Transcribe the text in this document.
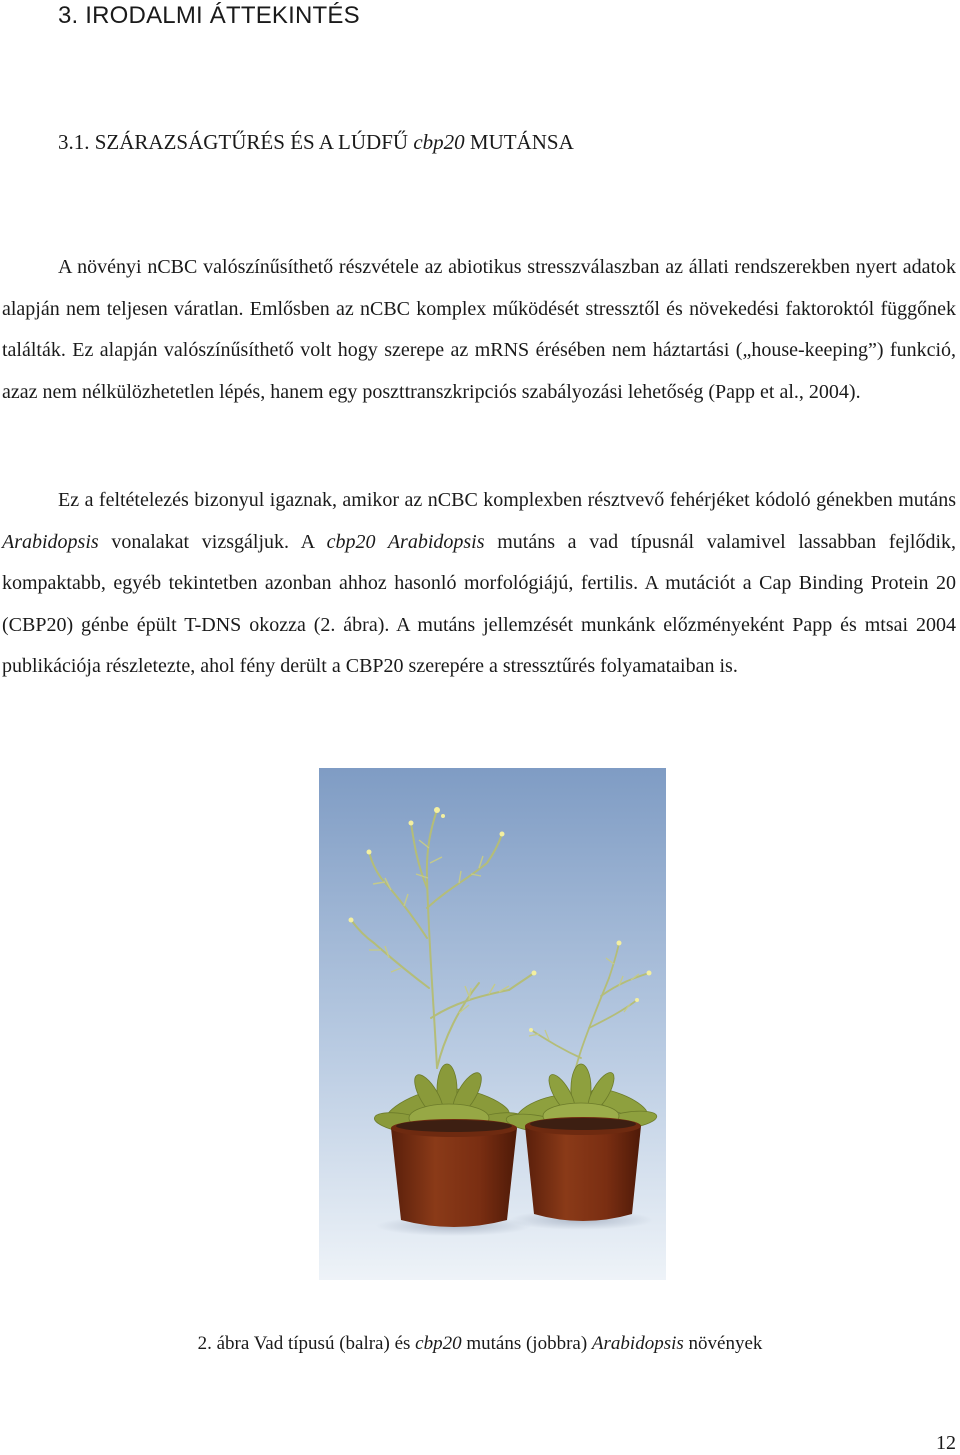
3. IRODALMI ÁTTEKINTÉS
3.1. SZÁRAZSÁGTŰRÉS ÉS A LÚDFŰ cbp20 MUTÁNSA

A növényi nCBC valószínűsíthető részvétele az abiotikus stresszválaszban az állati rendszerekben nyert adatok alapján nem teljesen váratlan. Emlősben az nCBC komplex működését stressztől és növekedési faktoroktól függőnek találták. Ez alapján valószínűsíthető volt hogy szerepe az mRNS érésében nem háztartási („house-keeping”) funkció, azaz nem nélkülözhetetlen lépés, hanem egy poszttranszkripciós szabályozási lehetőség (Papp et al., 2004).

Ez a feltételezés bizonyul igaznak, amikor az nCBC komplexben résztvevő fehérjéket kódoló génekben mutáns Arabidopsis vonalakat vizsgáljuk. A cbp20 Arabidopsis mutáns a vad típusnál valamivel lassabban fejlődik, kompaktabb, egyéb tekintetben azonban ahhoz hasonló morfológiájú, fertilis. A mutációt a Cap Binding Protein 20 (CBP20) génbe épült T-DNS okozza (2. ábra). A mutáns jellemzését munkánk előzményeként Papp és mtsai 2004 publikációja részletezte, ahol fény derült a CBP20 szerepére a stressztűrés folyamataiban is.

2. ábra Vad típusú (balra) és cbp20 mutáns (jobbra) Arabidopsis növények
12
